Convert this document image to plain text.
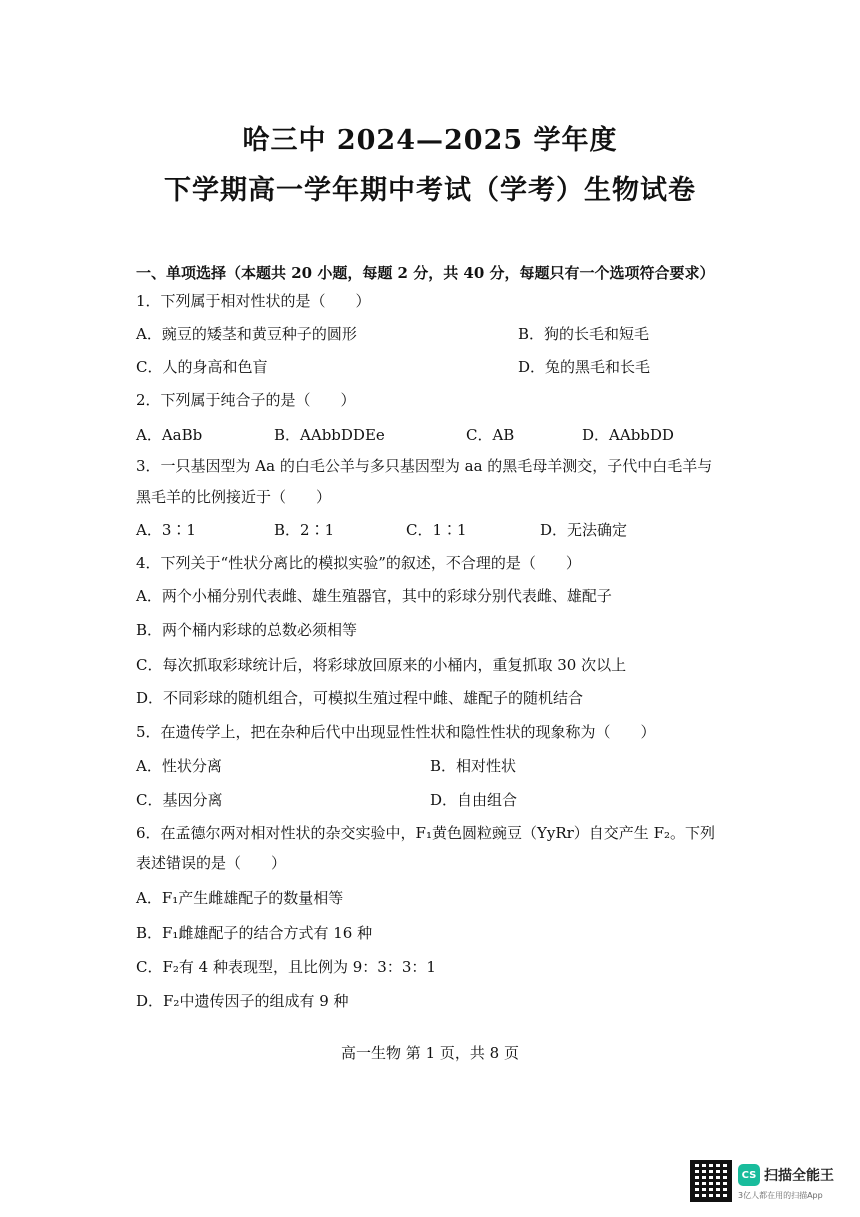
哈三中 2024—2025 学年度
下学期高一学年期中考试（学考）生物试卷
一、单项选择（本题共 20 小题，每题 2 分，共 40 分，每题只有一个选项符合要求）
1．下列属于相对性状的是（　　）
A．豌豆的矮茎和黄豆种子的圆形	B．狗的长毛和短毛
C．人的身高和色盲	D．兔的黑毛和长毛
2．下列属于纯合子的是（　　）
A．AaBb	B．AAbbDDEe	C．AB	D．AAbbDD
3．一只基因型为 Aa 的白毛公羊与多只基因型为 aa 的黑毛母羊测交，子代中白毛羊与
黑毛羊的比例接近于（　　）
A．3∶1	B．2∶1	C．1∶1	D．无法确定
4．下列关于“性状分离比的模拟实验”的叙述，不合理的是（　　）
A．两个小桶分别代表雌、雄生殖器官，其中的彩球分别代表雌、雄配子
B．两个桶内彩球的总数必须相等
C．每次抓取彩球统计后，将彩球放回原来的小桶内，重复抓取 30 次以上
D．不同彩球的随机组合，可模拟生殖过程中雌、雄配子的随机结合
5．在遗传学上，把在杂种后代中出现显性性状和隐性性状的现象称为（　　）
A．性状分离	B．相对性状
C．基因分离	D．自由组合
6．在孟德尔两对相对性状的杂交实验中，F₁黄色圆粒豌豆（YyRr）自交产生 F₂。下列
表述错误的是（　　）
A．F₁产生雌雄配子的数量相等
B．F₁雌雄配子的结合方式有 16 种
C．F₂有 4 种表现型，且比例为 9：3：3：1
D．F₂中遗传因子的组成有 9 种
高一生物 第 1 页，共 8 页
CS 扫描全能王
3亿人都在用的扫描App
